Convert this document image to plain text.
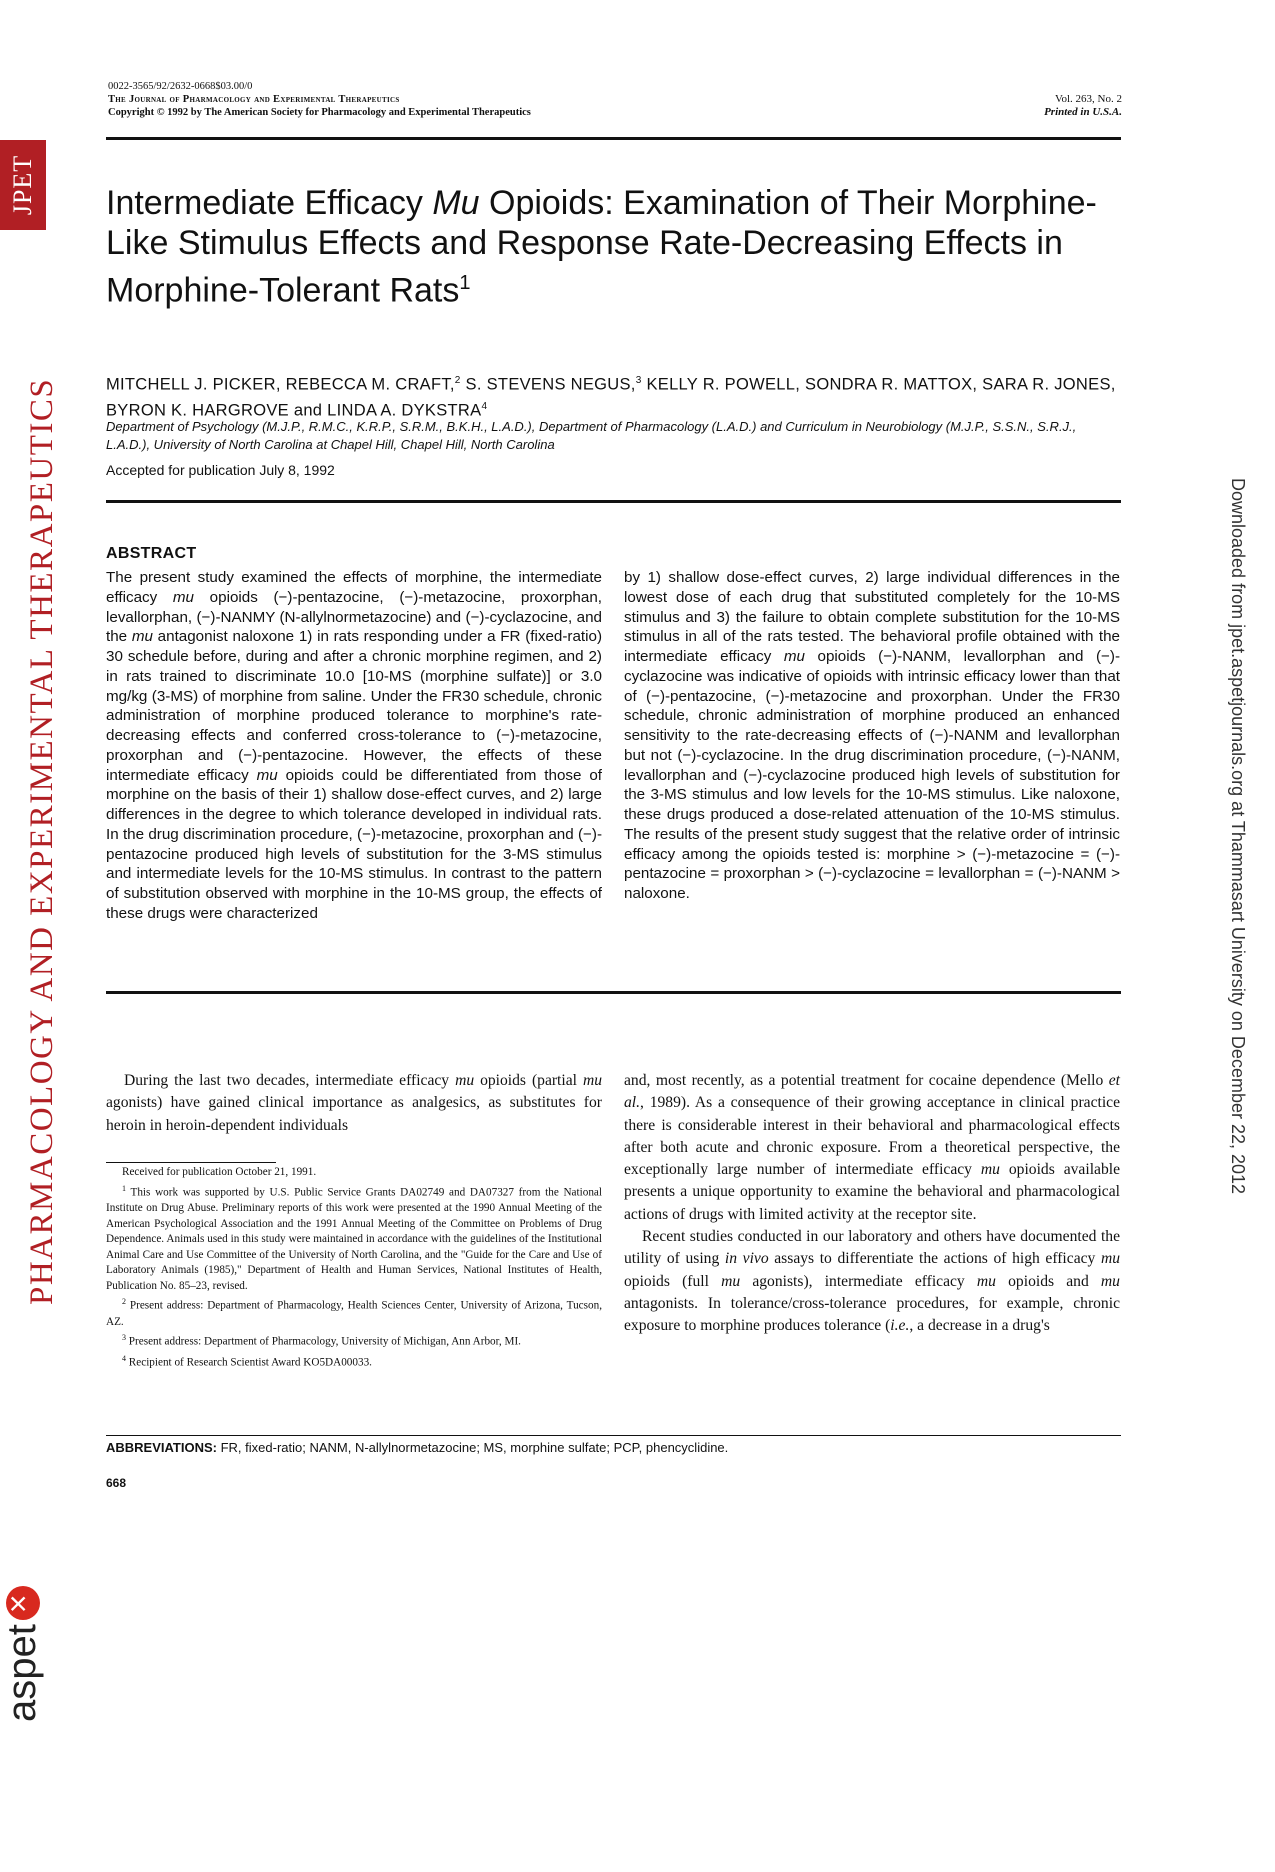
JPET
PHARMACOLOGY AND EXPERIMENTAL THERAPEUTICS
aspet
×
Downloaded from jpet.aspetjournals.org at Thammasart University on December 22, 2012
0022-3565/92/2632-0668$03.00/0
The Journal of Pharmacology and Experimental Therapeutics
Copyright © 1992 by The American Society for Pharmacology and Experimental Therapeutics
Vol. 263, No. 2
Printed in U.S.A.
Intermediate Efficacy Mu Opioids: Examination of Their Morphine-Like Stimulus Effects and Response Rate-Decreasing Effects in Morphine-Tolerant Rats$^1$
MITCHELL J. PICKER, REBECCA M. CRAFT,$^2$ S. STEVENS NEGUS,$^3$ KELLY R. POWELL, SONDRA R. MATTOX, SARA R. JONES, BYRON K. HARGROVE and LINDA A. DYKSTRA$^4$
Department of Psychology (M.J.P., R.M.C., K.R.P., S.R.M., B.K.H., L.A.D.), Department of Pharmacology (L.A.D.) and Curriculum in Neurobiology (M.J.P., S.S.N., S.R.J., L.A.D.), University of North Carolina at Chapel Hill, Chapel Hill, North Carolina
Accepted for publication July 8, 1992
ABSTRACT
The present study examined the effects of morphine, the intermediate efficacy mu opioids (−)-pentazocine, (−)-metazocine, proxorphan, levallorphan, (−)-NANMY (N-allylnormetazocine) and (−)-cyclazocine, and the mu antagonist naloxone 1) in rats responding under a FR (fixed-ratio) 30 schedule before, during and after a chronic morphine regimen, and 2) in rats trained to discriminate 10.0 [10-MS (morphine sulfate)] or 3.0 mg/kg (3-MS) of morphine from saline. Under the FR30 schedule, chronic administration of morphine produced tolerance to morphine's rate-decreasing effects and conferred cross-tolerance to (−)-metazocine, proxorphan and (−)-pentazocine. However, the effects of these intermediate efficacy mu opioids could be differentiated from those of morphine on the basis of their 1) shallow dose-effect curves, and 2) large differences in the degree to which tolerance developed in individual rats. In the drug discrimination procedure, (−)-metazocine, proxorphan and (−)-pentazocine produced high levels of substitution for the 3-MS stimulus and intermediate levels for the 10-MS stimulus. In contrast to the pattern of substitution observed with morphine in the 10-MS group, the effects of these drugs were characterized
by 1) shallow dose-effect curves, 2) large individual differences in the lowest dose of each drug that substituted completely for the 10-MS stimulus and 3) the failure to obtain complete substitution for the 10-MS stimulus in all of the rats tested. The behavioral profile obtained with the intermediate efficacy mu opioids (−)-NANM, levallorphan and (−)-cyclazocine was indicative of opioids with intrinsic efficacy lower than that of (−)-pentazocine, (−)-metazocine and proxorphan. Under the FR30 schedule, chronic administration of morphine produced an enhanced sensitivity to the rate-decreasing effects of (−)-NANM and levallorphan but not (−)-cyclazocine. In the drug discrimination procedure, (−)-NANM, levallorphan and (−)-cyclazocine produced high levels of substitution for the 3-MS stimulus and low levels for the 10-MS stimulus. Like naloxone, these drugs produced a dose-related attenuation of the 10-MS stimulus. The results of the present study suggest that the relative order of intrinsic efficacy among the opioids tested is: morphine > (−)-metazocine = (−)-pentazocine = proxorphan > (−)-cyclazocine = levallorphan = (−)-NANM > naloxone.
During the last two decades, intermediate efficacy mu opioids (partial mu agonists) have gained clinical importance as analgesics, as substitutes for heroin in heroin-dependent individuals

and, most recently, as a potential treatment for cocaine dependence (Mello et al., 1989). As a consequence of their growing acceptance in clinical practice there is considerable interest in their behavioral and pharmacological effects after both acute and chronic exposure. From a theoretical perspective, the exceptionally large number of intermediate efficacy mu opioids available presents a unique opportunity to examine the behavioral and pharmacological actions of drugs with limited activity at the receptor site.

Recent studies conducted in our laboratory and others have documented the utility of using in vivo assays to differentiate the actions of high efficacy mu opioids (full mu agonists), intermediate efficacy mu opioids and mu antagonists. In tolerance/cross-tolerance procedures, for example, chronic exposure to morphine produces tolerance (i.e., a decrease in a drug's

Received for publication October 21, 1991.

$^1$ This work was supported by U.S. Public Service Grants DA02749 and DA07327 from the National Institute on Drug Abuse. Preliminary reports of this work were presented at the 1990 Annual Meeting of the American Psychological Association and the 1991 Annual Meeting of the Committee on Problems of Drug Dependence. Animals used in this study were maintained in accordance with the guidelines of the Institutional Animal Care and Use Committee of the University of North Carolina, and the "Guide for the Care and Use of Laboratory Animals (1985)," Department of Health and Human Services, National Institutes of Health, Publication No. 85–23, revised.

$^2$ Present address: Department of Pharmacology, Health Sciences Center, University of Arizona, Tucson, AZ.

$^3$ Present address: Department of Pharmacology, University of Michigan, Ann Arbor, MI.

$^4$ Recipient of Research Scientist Award KO5DA00033.

ABBREVIATIONS: FR, fixed-ratio; NANM, N-allylnormetazocine; MS, morphine sulfate; PCP, phencyclidine.
668
